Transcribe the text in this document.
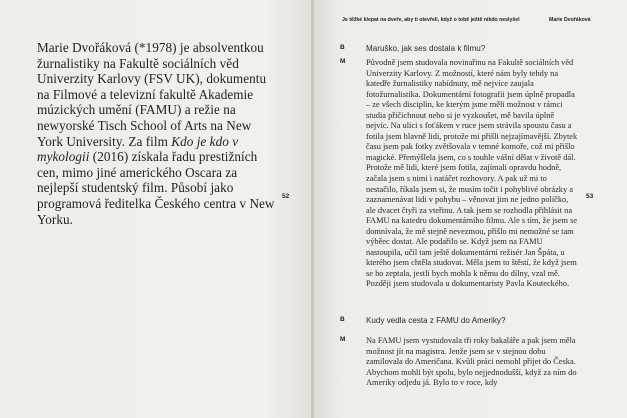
Marie Dvořáková (*1978) je absolventkou žurnalistiky na Fakultě sociálních věd Univerzity Karlovy (FSV UK), dokumentu na Filmové a televizní fakultě Akademie múzických umění (FAMU) a režie na newyorské Tisch School of Arts na New York University. Za film Kdo je kdo v mykologii (2016) získala řadu prestižních cen, mimo jiné amerického Oscara za nejlepší studentský film. Působí jako programová ředitelka Českého centra v New Yorku.
52
Je těžké klepat na dveře, aby ti otevřeli, když o tobě ještě nikdo neslyšel	Marie Dvořáková
B	Maruško, jak ses dostala k filmu?
M Původně jsem studovala novinařinu na Fakultě sociálních věd Univerzity Karlovy. Z možností, které nám byly tehdy na katedře žurnalistiky nabídnuty, mě nejvíce zaujala fotožurnalistika. Dokumentární fotografii jsem úplně propadla – ze všech disciplín, ke kterým jsme měli možnost v rámci studia přičichnout nebo si je vyzkoušet, mě bavila úplně nejvíc. Na ulici s foťákem v ruce jsem strávila spoustu času a fotila jsem hlavně lidi, protože mi přišli nejzajímavější. Zbytek času jsem pak fotky zvětšovala v temné komoře, což mi přišlo magické. Přemýšlela jsem, co s touhle vášní dělat v životě dál. Protože mě lidi, které jsem fotila, zajímali opravdu hodně, začala jsem s nimi i natáčet rozhovory. A pak už mi to nestačilo, říkala jsem si, že musím točit i pohyblivé obrázky a zaznamenávat lidi v pohybu – věnovat jim ne jedno políčko, ale dvacet čtyři za vteřinu. A tak jsem se rozhodla přihlásit na FAMU na katedru dokumentárního filmu. Ale s tím, že jsem se domnívala, že mě stejně nevezmou, přišlo mi nemožné se tam výběec dostat. Ale podařilo se. Když jsem na FAMU nastoupila, učil tam ještě dokumentární režisér Jan Špáta, u kterého jsem chtěla studovat. Měla jsem to štěstí, že když jsem se ho zeptala, jestli bych mohla k němu do dílny, vzal mě. Později jsem studovala u dokumentaristy Pavla Kouteckého.
B	Kudy vedla cesta z FAMU do Ameriky?
M Na FAMU jsem vystudovala tři roky bakaláře a pak jsem měla možnost jít na magistra. Jenže jsem se v stejnou dobu zamilovala do Američana. Kvůli práci nemohl přijet do Česka. Abychom mohli být spolu, bylo nejjednodušší, když za ním do Ameriky odjedu já. Bylo to v roce, kdy
53
